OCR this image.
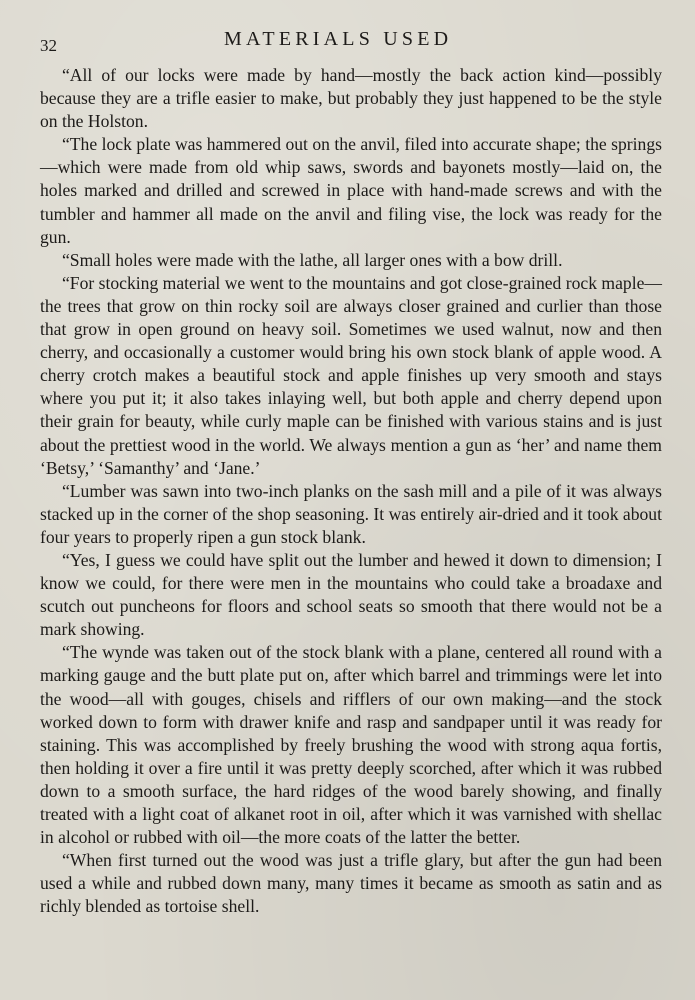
32	MATERIALS USED

“All of our locks were made by hand—mostly the back action kind—possibly because they are a trifle easier to make, but probably they just happened to be the style on the Holston.

“The lock plate was hammered out on the anvil, filed into accurate shape; the springs—which were made from old whip saws, swords and bayonets mostly—laid on, the holes marked and drilled and screwed in place with hand-made screws and with the tumbler and hammer all made on the anvil and filing vise, the lock was ready for the gun.

“Small holes were made with the lathe, all larger ones with a bow drill.

“For stocking material we went to the mountains and got close-grained rock maple—the trees that grow on thin rocky soil are always closer grained and curlier than those that grow in open ground on heavy soil. Sometimes we used walnut, now and then cherry, and occasionally a customer would bring his own stock blank of apple wood. A cherry crotch makes a beautiful stock and apple finishes up very smooth and stays where you put it; it also takes inlaying well, but both apple and cherry depend upon their grain for beauty, while curly maple can be finished with various stains and is just about the prettiest wood in the world. We always mention a gun as ‘her’ and name them ‘Betsy,’ ‘Samanthy’ and ‘Jane.’

“Lumber was sawn into two-inch planks on the sash mill and a pile of it was always stacked up in the corner of the shop seasoning. It was entirely air-dried and it took about four years to properly ripen a gun stock blank.

“Yes, I guess we could have split out the lumber and hewed it down to dimension; I know we could, for there were men in the mountains who could take a broadaxe and scutch out puncheons for floors and school seats so smooth that there would not be a mark showing.

“The wynde was taken out of the stock blank with a plane, centered all round with a marking gauge and the butt plate put on, after which barrel and trimmings were let into the wood—all with gouges, chisels and rifflers of our own making—and the stock worked down to form with drawer knife and rasp and sandpaper until it was ready for staining. This was accomplished by freely brushing the wood with strong aqua fortis, then holding it over a fire until it was pretty deeply scorched, after which it was rubbed down to a smooth surface, the hard ridges of the wood barely showing, and finally treated with a light coat of alkanet root in oil, after which it was varnished with shellac in alcohol or rubbed with oil—the more coats of the latter the better.

“When first turned out the wood was just a trifle glary, but after the gun had been used a while and rubbed down many, many times it became as smooth as satin and as richly blended as tortoise shell.
